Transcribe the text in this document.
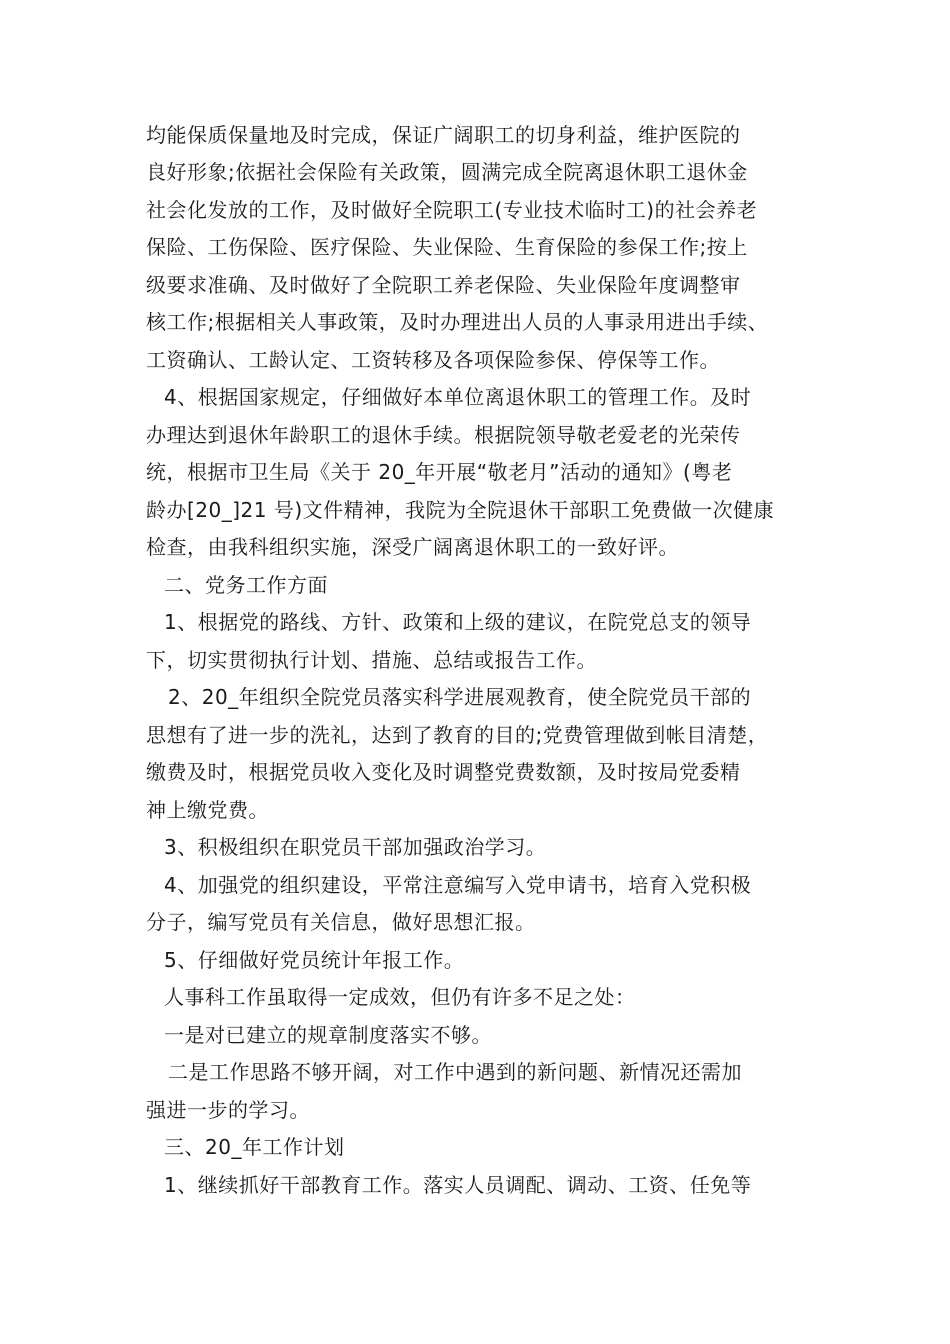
均能保质保量地及时完成，保证广阔职工的切身利益，维护医院的
良好形象;依据社会保险有关政策，圆满完成全院离退休职工退休金
社会化发放的工作，及时做好全院职工(专业技术临时工)的社会养老
保险、工伤保险、医疗保险、失业保险、生育保险的参保工作;按上
级要求准确、及时做好了全院职工养老保险、失业保险年度调整审
核工作;根据相关人事政策，及时办理进出人员的人事录用进出手续、
工资确认、工龄认定、工资转移及各项保险参保、停保等工作。
4、根据国家规定，仔细做好本单位离退休职工的管理工作。及时
办理达到退休年龄职工的退休手续。根据院领导敬老爱老的光荣传
统，根据市卫生局《关于 20_年开展“敬老月”活动的通知》(粤老
龄办[20_]21 号)文件精神，我院为全院退休干部职工免费做一次健康
检查，由我科组织实施，深受广阔离退休职工的一致好评。
二、党务工作方面
1、根据党的路线、方针、政策和上级的建议，在院党总支的领导
下，切实贯彻执行计划、措施、总结或报告工作。
2、20_年组织全院党员落实科学进展观教育，使全院党员干部的
思想有了进一步的洗礼，达到了教育的目的;党费管理做到帐目清楚，
缴费及时，根据党员收入变化及时调整党费数额，及时按局党委精
神上缴党费。
3、积极组织在职党员干部加强政治学习。
4、加强党的组织建设，平常注意编写入党申请书，培育入党积极
分子，编写党员有关信息，做好思想汇报。
5、仔细做好党员统计年报工作。
人事科工作虽取得一定成效，但仍有许多不足之处：
一是对已建立的规章制度落实不够。
二是工作思路不够开阔，对工作中遇到的新问题、新情况还需加
强进一步的学习。
三、20_年工作计划
1、继续抓好干部教育工作。落实人员调配、调动、工资、任免等
